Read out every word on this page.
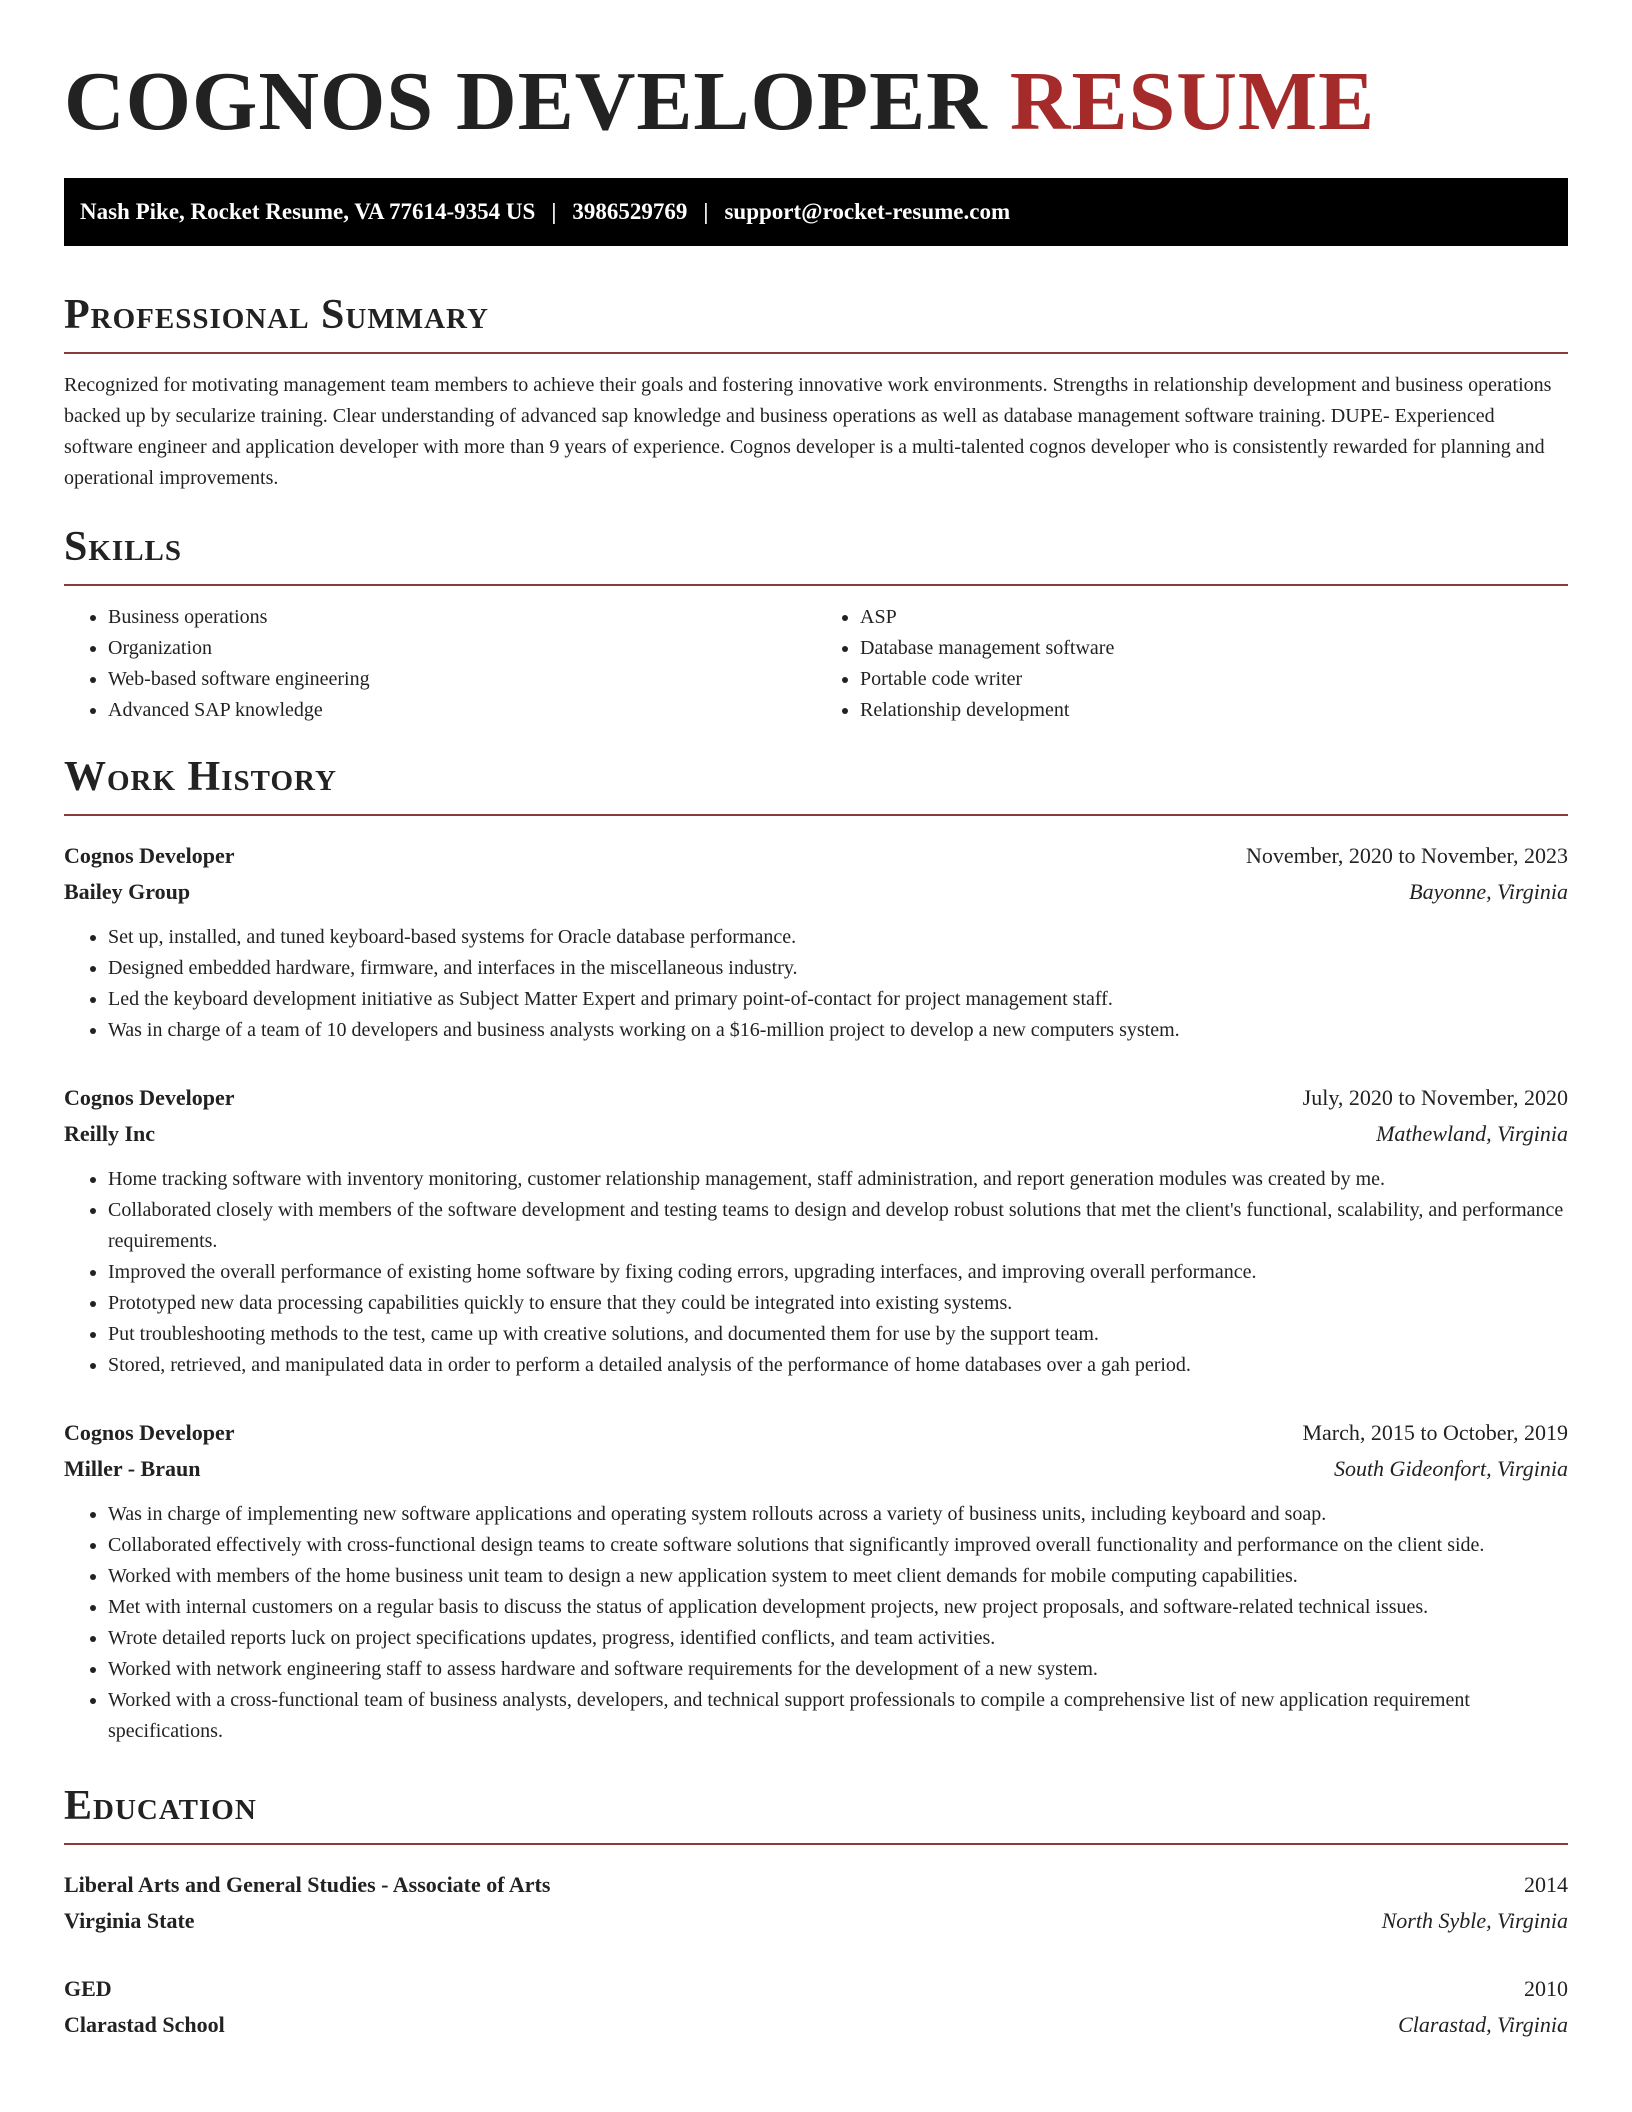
COGNOS DEVELOPER RESUME
Nash Pike, Rocket Resume, VA 77614-9354 US | 3986529769 | support@rocket-resume.com
Professional Summary

Recognized for motivating management team members to achieve their goals and fostering innovative work environments. Strengths in relationship development and business operations backed up by secularize training. Clear understanding of advanced sap knowledge and business operations as well as database management software training. DUPE- Experienced software engineer and application developer with more than 9 years of experience. Cognos developer is a multi-talented cognos developer who is consistently rewarded for planning and operational improvements.

Skills
• Business operations
• Organization
• Web-based software engineering
• Advanced SAP knowledge
• ASP
• Database management software
• Portable code writer
• Relationship development
Work History
Cognos Developer	November, 2020 to November, 2023
Bailey Group	Bayonne, Virginia
• Set up, installed, and tuned keyboard-based systems for Oracle database performance.
• Designed embedded hardware, firmware, and interfaces in the miscellaneous industry.
• Led the keyboard development initiative as Subject Matter Expert and primary point-of-contact for project management staff.
• Was in charge of a team of 10 developers and business analysts working on a $16-million project to develop a new computers system.
Cognos Developer	July, 2020 to November, 2020
Reilly Inc	Mathewland, Virginia
• Home tracking software with inventory monitoring, customer relationship management, staff administration, and report generation modules was created by me.
• Collaborated closely with members of the software development and testing teams to design and develop robust solutions that met the client's functional, scalability, and performance requirements.
• Improved the overall performance of existing home software by fixing coding errors, upgrading interfaces, and improving overall performance.
• Prototyped new data processing capabilities quickly to ensure that they could be integrated into existing systems.
• Put troubleshooting methods to the test, came up with creative solutions, and documented them for use by the support team.
• Stored, retrieved, and manipulated data in order to perform a detailed analysis of the performance of home databases over a gah period.
Cognos Developer	March, 2015 to October, 2019
Miller - Braun	South Gideonfort, Virginia
• Was in charge of implementing new software applications and operating system rollouts across a variety of business units, including keyboard and soap.
• Collaborated effectively with cross-functional design teams to create software solutions that significantly improved overall functionality and performance on the client side.
• Worked with members of the home business unit team to design a new application system to meet client demands for mobile computing capabilities.
• Met with internal customers on a regular basis to discuss the status of application development projects, new project proposals, and software-related technical issues.
• Wrote detailed reports luck on project specifications updates, progress, identified conflicts, and team activities.
• Worked with network engineering staff to assess hardware and software requirements for the development of a new system.
• Worked with a cross-functional team of business analysts, developers, and technical support professionals to compile a comprehensive list of new application requirement specifications.
Education
Liberal Arts and General Studies - Associate of Arts	2014
Virginia State	North Syble, Virginia
GED	2010
Clarastad School	Clarastad, Virginia
